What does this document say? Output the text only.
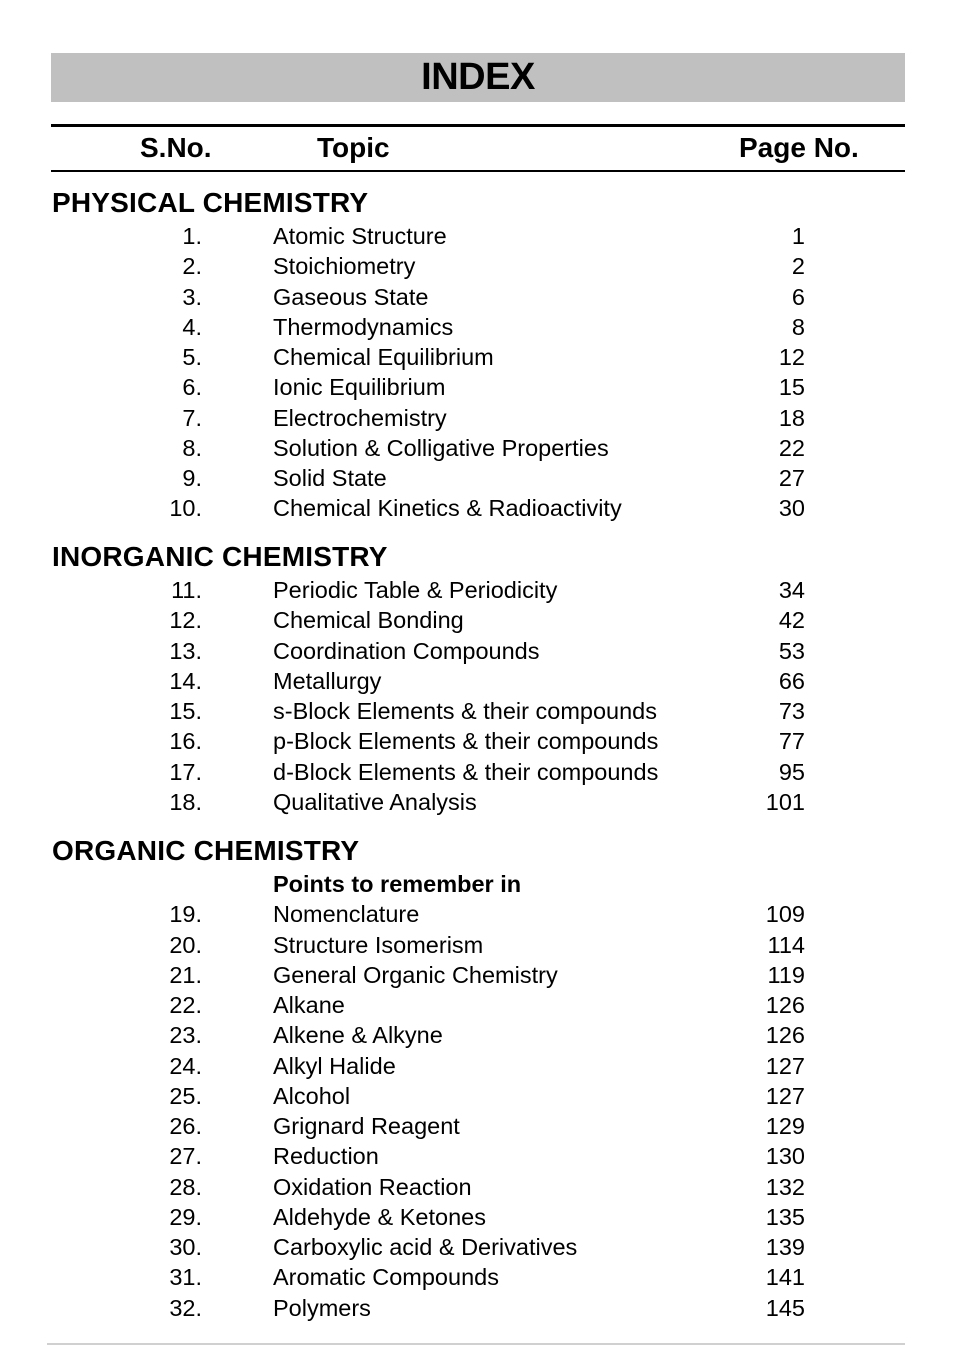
INDEX
S.No.	Topic	Page No.
PHYSICAL CHEMISTRY
1.	Atomic Structure	1
2.	Stoichiometry	2
3.	Gaseous State	6
4.	Thermodynamics	8
5.	Chemical Equilibrium	12
6.	Ionic Equilibrium	15
7.	Electrochemistry	18
8.	Solution & Colligative Properties	22
9.	Solid State	27
10.	Chemical Kinetics & Radioactivity	30
INORGANIC CHEMISTRY
11.	Periodic Table & Periodicity	34
12.	Chemical Bonding	42
13.	Coordination Compounds	53
14.	Metallurgy	66
15.	s-Block Elements & their compounds	73
16.	p-Block Elements & their compounds	77
17.	d-Block Elements & their compounds	95
18.	Qualitative Analysis	101
ORGANIC CHEMISTRY
Points to remember in
19.	Nomenclature	109
20.	Structure Isomerism	114
21.	General Organic Chemistry	119
22.	Alkane	126
23.	Alkene & Alkyne	126
24.	Alkyl Halide	127
25.	Alcohol	127
26.	Grignard Reagent	129
27.	Reduction	130
28.	Oxidation Reaction	132
29.	Aldehyde & Ketones	135
30.	Carboxylic acid & Derivatives	139
31.	Aromatic Compounds	141
32.	Polymers	145
